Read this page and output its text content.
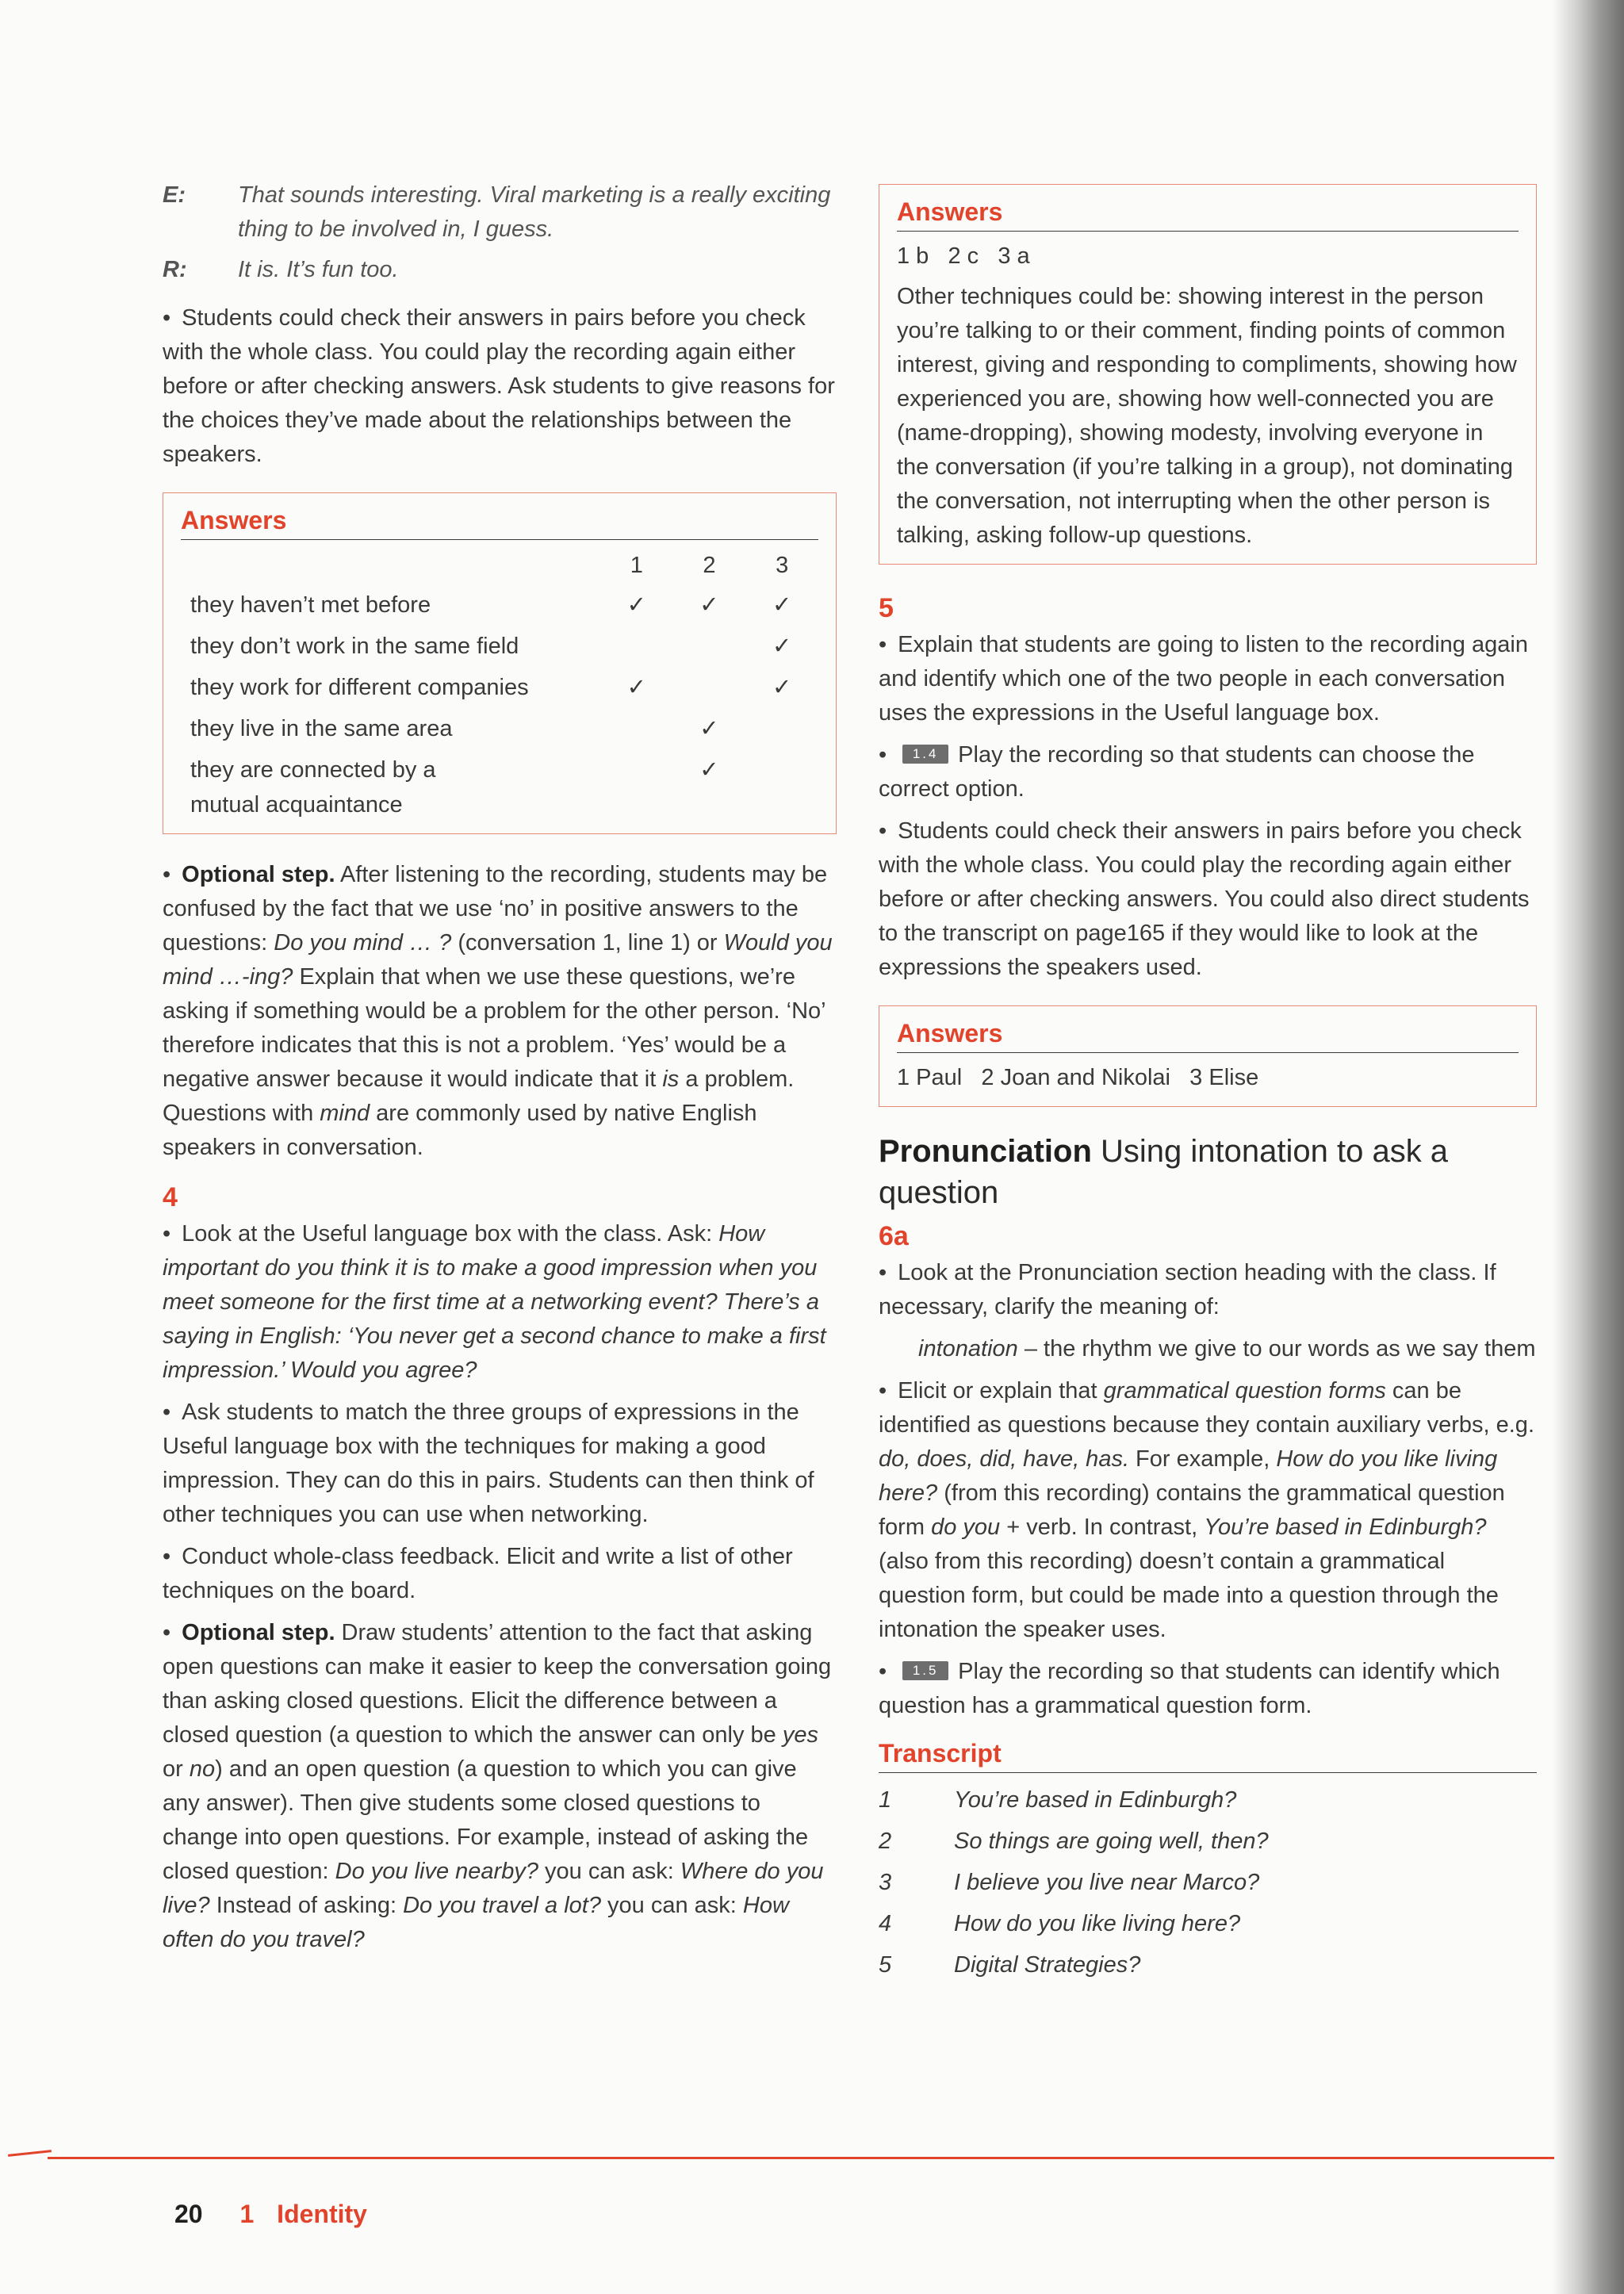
E:	That sounds interesting. Viral marketing is a really exciting thing to be involved in, I guess.
R:	It is. It’s fun too.

• Students could check their answers in pairs before you check with the whole class. You could play the recording again either before or after checking answers. Ask students to give reasons for the choices they’ve made about the relationships between the speakers.

Answers
	1	2	3
they haven’t met before	✓	✓	✓
they don’t work in the same field			✓
they work for different companies	✓		✓
they live in the same area		✓	
they are connected by a mutual acquaintance		✓	

• Optional step. After listening to the recording, students may be confused by the fact that we use ‘no’ in positive answers to the questions: Do you mind … ? (conversation 1, line 1) or Would you mind …-ing? Explain that when we use these questions, we’re asking if something would be a problem for the other person. ‘No’ therefore indicates that this is not a problem. ‘Yes’ would be a negative answer because it would indicate that it is a problem. Questions with mind are commonly used by native English speakers in conversation.

4

• Look at the Useful language box with the class. Ask: How important do you think it is to make a good impression when you meet someone for the first time at a networking event? There’s a saying in English: ‘You never get a second chance to make a first impression.’ Would you agree?

• Ask students to match the three groups of expressions in the Useful language box with the techniques for making a good impression. They can do this in pairs. Students can then think of other techniques you can use when networking.

• Conduct whole-class feedback. Elicit and write a list of other techniques on the board.

• Optional step. Draw students’ attention to the fact that asking open questions can make it easier to keep the conversation going than asking closed questions. Elicit the difference between a closed question (a question to which the answer can only be yes or no) and an open question (a question to which you can give any answer). Then give students some closed questions to change into open questions. For example, instead of asking the closed question: Do you live nearby? you can ask: Where do you live? Instead of asking: Do you travel a lot? you can ask: How often do you travel?

Answers
1 b   2 c   3 a
Other techniques could be: showing interest in the person you’re talking to or their comment, finding points of common interest, giving and responding to compliments, showing how experienced you are, showing how well-connected you are (name-dropping), showing modesty, involving everyone in the conversation (if you’re talking in a group), not dominating the conversation, not interrupting when the other person is talking, asking follow-up questions.
5

• Explain that students are going to listen to the recording again and identify which one of the two people in each conversation uses the expressions in the Useful language box.

• 1.4 Play the recording so that students can choose the correct option.

• Students could check their answers in pairs before you check with the whole class. You could play the recording again either before or after checking answers. You could also direct students to the transcript on page165 if they would like to look at the expressions the speakers used.

Answers
1 Paul   2 Joan and Nikolai   3 Elise
Pronunciation Using intonation to ask a question
6a

• Look at the Pronunciation section heading with the class. If necessary, clarify the meaning of:

intonation – the rhythm we give to our words as we say them

• Elicit or explain that grammatical question forms can be identified as questions because they contain auxiliary verbs, e.g. do, does, did, have, has. For example, How do you like living here? (from this recording) contains the grammatical question form do you + verb. In contrast, You’re based in Edinburgh? (also from this recording) doesn’t contain a grammatical question form, but could be made into a question through the intonation the speaker uses.

• 1.5 Play the recording so that students can identify which question has a grammatical question form.

Transcript
1	You’re based in Edinburgh?
2	So things are going well, then?
3	I believe you live near Marco?
4	How do you like living here?
5	Digital Strategies?
20 1 Identity
